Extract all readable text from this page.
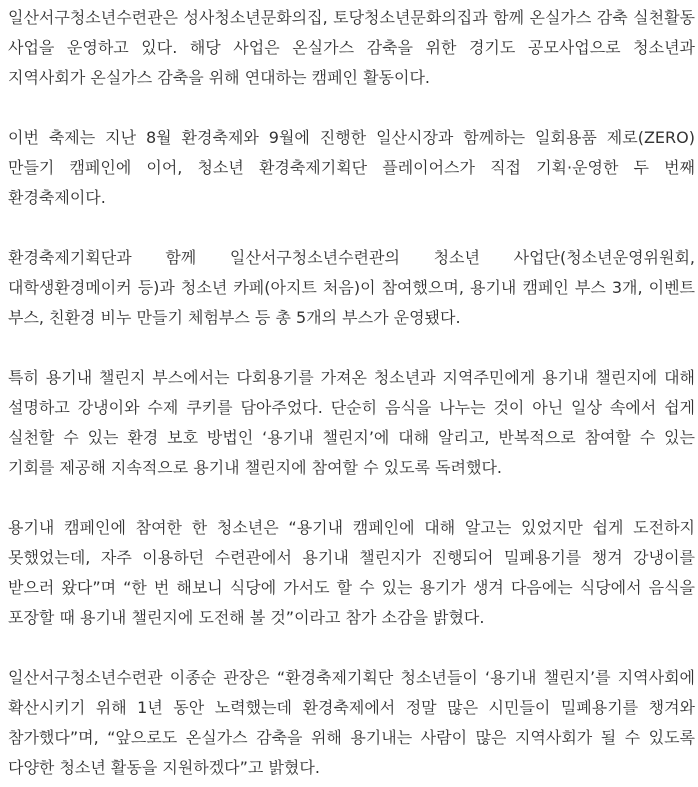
일산서구청소년수련관은 성사청소년문화의집, 토당청소년문화의집과 함께 온실가스 감축 실천활동 사업을 운영하고 있다. 해당 사업은 온실가스 감축을 위한 경기도 공모사업으로 청소년과 지역사회가 온실가스 감축을 위해 연대하는 캠페인 활동이다.

이번 축제는 지난 8월 환경축제와 9월에 진행한 일산시장과 함께하는 일회용품 제로(ZERO) 만들기 캠페인에 이어, 청소년 환경축제기획단 플레이어스가 직접 기획·운영한 두 번째 환경축제이다.

환경축제기획단과 함께 일산서구청소년수련관의 청소년 사업단(청소년운영위원회, 대학생환경메이커 등)과 청소년 카페(아지트 처음)이 참여했으며, 용기내 캠페인 부스 3개, 이벤트 부스, 친환경 비누 만들기 체험부스 등 총 5개의 부스가 운영됐다.

특히 용기내 챌린지 부스에서는 다회용기를 가져온 청소년과 지역주민에게 용기내 챌린지에 대해 설명하고 강냉이와 수제 쿠키를 담아주었다. 단순히 음식을 나누는 것이 아닌 일상 속에서 쉽게 실천할 수 있는 환경 보호 방법인 ‘용기내 챌린지’에 대해 알리고, 반복적으로 참여할 수 있는 기회를 제공해 지속적으로 용기내 챌린지에 참여할 수 있도록 독려했다.

용기내 캠페인에 참여한 한 청소년은 “용기내 캠페인에 대해 알고는 있었지만 쉽게 도전하지 못했었는데, 자주 이용하던 수련관에서 용기내 챌린지가 진행되어 밀폐용기를 챙겨 강냉이를 받으러 왔다”며 “한 번 해보니 식당에 가서도 할 수 있는 용기가 생겨 다음에는 식당에서 음식을 포장할 때 용기내 챌린지에 도전해 볼 것”이라고 참가 소감을 밝혔다.

일산서구청소년수련관 이종순 관장은 “환경축제기획단 청소년들이 ‘용기내 챌린지’를 지역사회에 확산시키기 위해 1년 동안 노력했는데 환경축제에서 정말 많은 시민들이 밀폐용기를 챙겨와 참가했다”며, “앞으로도 온실가스 감축을 위해 용기내는 사람이 많은 지역사회가 될 수 있도록 다양한 청소년 활동을 지원하겠다”고 밝혔다.
